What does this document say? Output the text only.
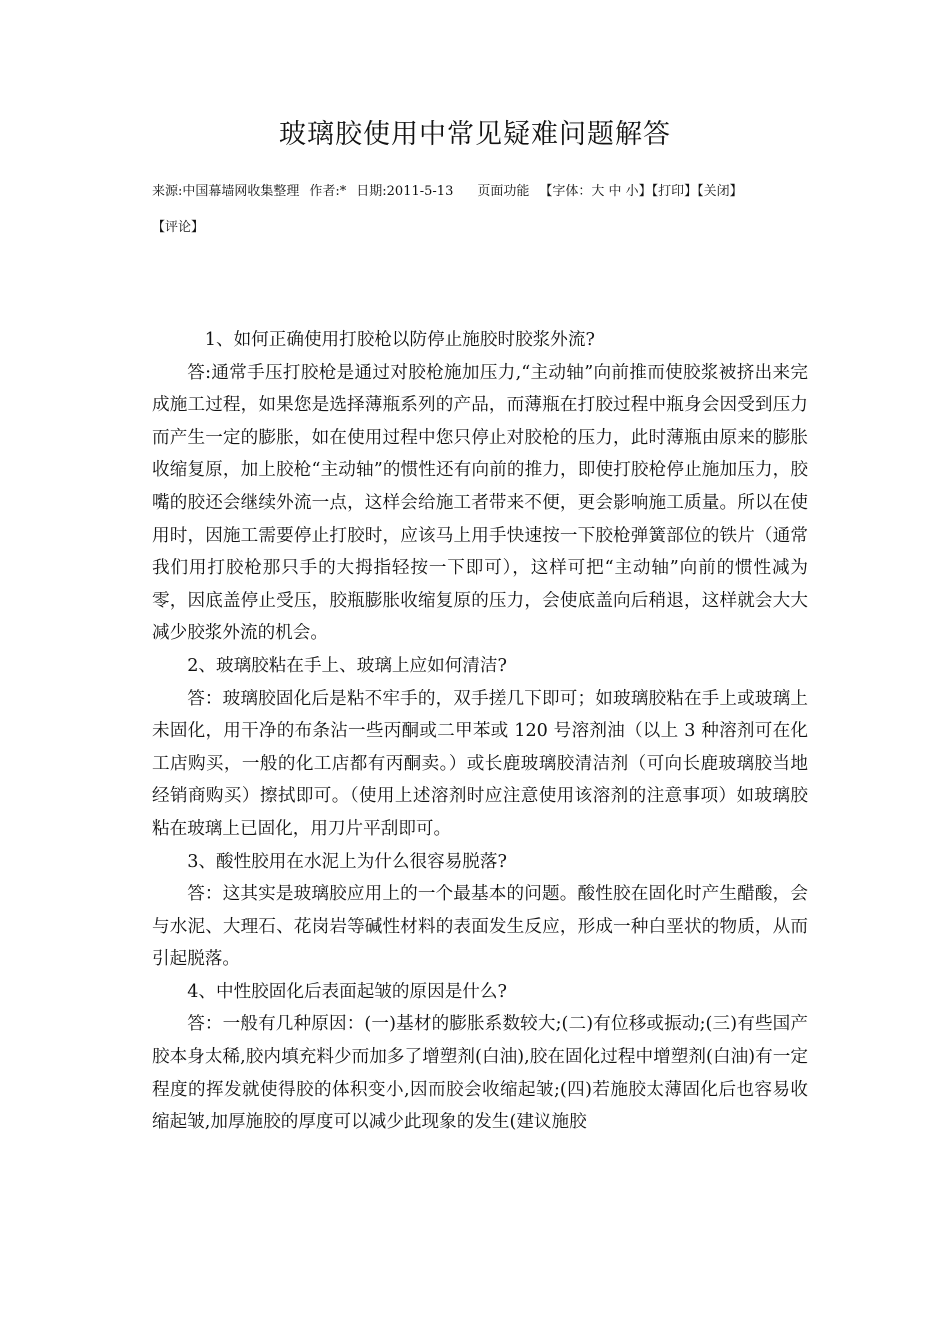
玻璃胶使用中常见疑难问题解答
来源:中国幕墙网收集整理 作者:* 日期:2011-5-13 页面功能 【字体：大 中 小】【打印】【关闭】
【评论】

1、如何正确使用打胶枪以防停止施胶时胶浆外流?

答:通常手压打胶枪是通过对胶枪施加压力,“主动轴”向前推而使胶浆被挤出来完成施工过程，如果您是选择薄瓶系列的产品，而薄瓶在打胶过程中瓶身会因受到压力而产生一定的膨胀，如在使用过程中您只停止对胶枪的压力，此时薄瓶由原来的膨胀收缩复原，加上胶枪“主动轴”的惯性还有向前的推力，即使打胶枪停止施加压力，胶嘴的胶还会继续外流一点，这样会给施工者带来不便，更会影响施工质量。所以在使用时，因施工需要停止打胶时，应该马上用手快速按一下胶枪弹簧部位的铁片（通常我们用打胶枪那只手的大拇指轻按一下即可），这样可把“主动轴”向前的惯性减为零，因底盖停止受压，胶瓶膨胀收缩复原的压力，会使底盖向后稍退，这样就会大大减少胶浆外流的机会。

2、玻璃胶粘在手上、玻璃上应如何清洁?

答：玻璃胶固化后是粘不牢手的，双手搓几下即可；如玻璃胶粘在手上或玻璃上未固化，用干净的布条沾一些丙酮或二甲苯或 120 号溶剂油（以上 3 种溶剂可在化工店购买，一般的化工店都有丙酮卖。）或长鹿玻璃胶清洁剂（可向长鹿玻璃胶当地经销商购买）擦拭即可。（使用上述溶剂时应注意使用该溶剂的注意事项）如玻璃胶粘在玻璃上已固化，用刀片平刮即可。

3、酸性胶用在水泥上为什么很容易脱落?

答：这其实是玻璃胶应用上的一个最基本的问题。酸性胶在固化时产生醋酸，会与水泥、大理石、花岗岩等碱性材料的表面发生反应，形成一种白垩状的物质，从而引起脱落。

4、中性胶固化后表面起皱的原因是什么?

答：一般有几种原因：(一)基材的膨胀系数较大;(二)有位移或振动;(三)有些国产胶本身太稀,胶内填充料少而加多了增塑剂(白油),胶在固化过程中增塑剂(白油)有一定程度的挥发就使得胶的体积变小,因而胶会收缩起皱;(四)若施胶太薄固化后也容易收缩起皱,加厚施胶的厚度可以减少此现象的发生(建议施胶
